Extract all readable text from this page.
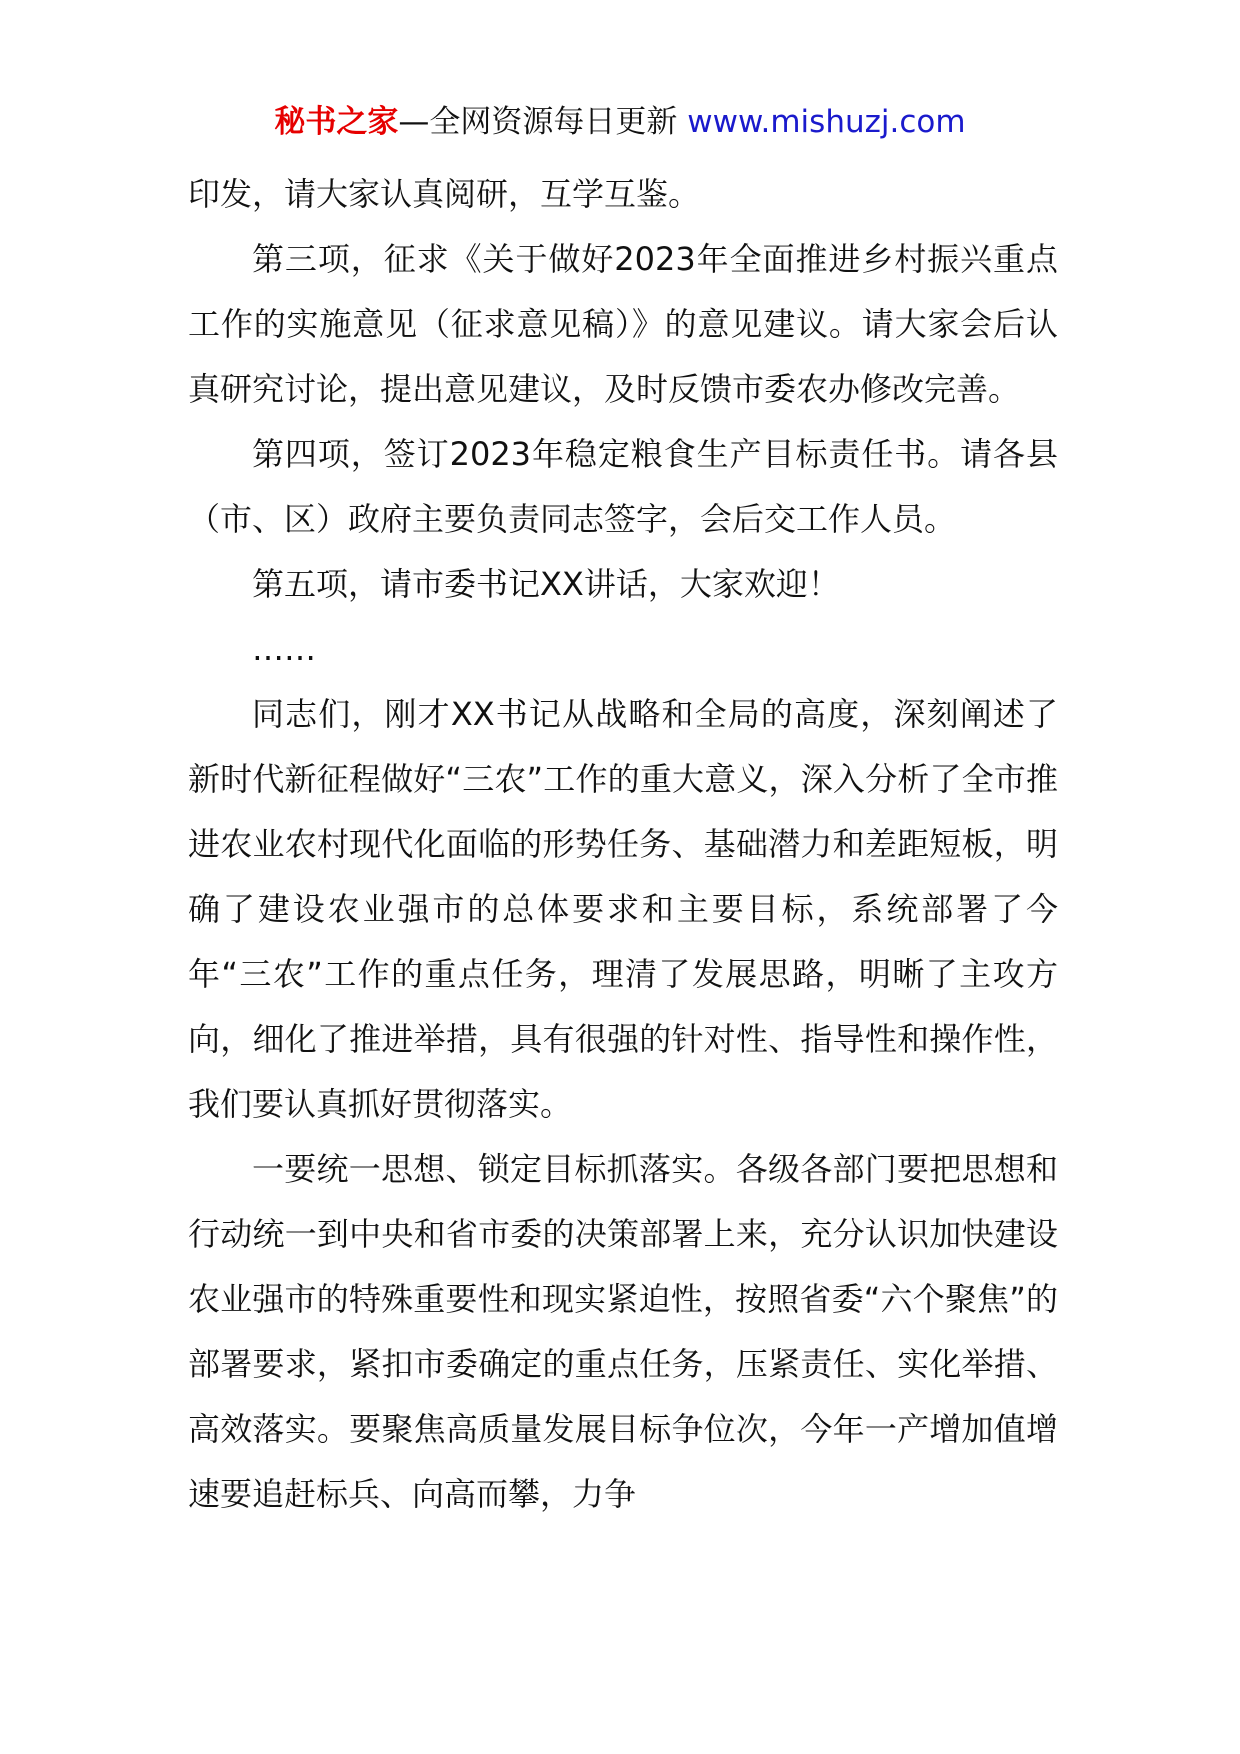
秘书之家—全网资源每日更新 www.mishuzj.com

印发，请大家认真阅研，互学互鉴。

第三项，征求《关于做好2023年全面推进乡村振兴重点工作的实施意见（征求意见稿）》的意见建议。请大家会后认真研究讨论，提出意见建议，及时反馈市委农办修改完善。

第四项，签订2023年稳定粮食生产目标责任书。请各县（市、区）政府主要负责同志签字，会后交工作人员。

第五项，请市委书记XX讲话，大家欢迎！

……

同志们，刚才XX书记从战略和全局的高度，深刻阐述了新时代新征程做好“三农”工作的重大意义，深入分析了全市推进农业农村现代化面临的形势任务、基础潜力和差距短板，明确了建设农业强市的总体要求和主要目标，系统部署了今年“三农”工作的重点任务，理清了发展思路，明晰了主攻方向，细化了推进举措，具有很强的针对性、指导性和操作性，我们要认真抓好贯彻落实。

一要统一思想、锁定目标抓落实。各级各部门要把思想和行动统一到中央和省市委的决策部署上来，充分认识加快建设农业强市的特殊重要性和现实紧迫性，按照省委“六个聚焦”的部署要求，紧扣市委确定的重点任务，压紧责任、实化举措、高效落实。要聚焦高质量发展目标争位次，今年一产增加值增速要追赶标兵、向高而攀，力争
